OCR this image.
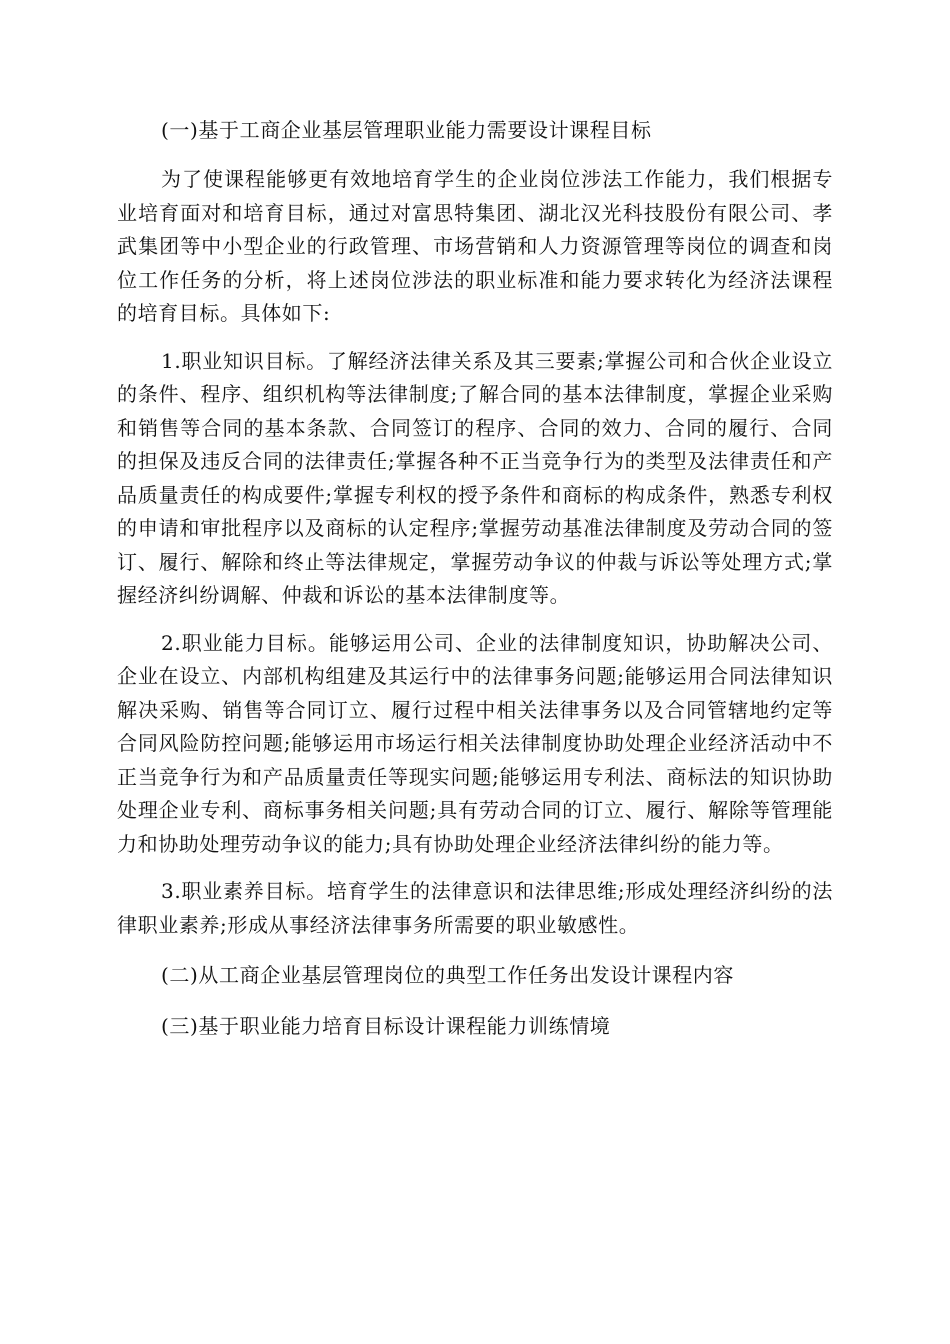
(一)基于工商企业基层管理职业能力需要设计课程目标

为了使课程能够更有效地培育学生的企业岗位涉法工作能力，我们根据专业培育面对和培育目标，通过对富思特集团、湖北汉光科技股份有限公司、孝武集团等中小型企业的行政管理、市场营销和人力资源管理等岗位的调查和岗位工作任务的分析，将上述岗位涉法的职业标准和能力要求转化为经济法课程的培育目标。具体如下:

1.职业知识目标。了解经济法律关系及其三要素;掌握公司和合伙企业设立的条件、程序、组织机构等法律制度;了解合同的基本法律制度，掌握企业采购和销售等合同的基本条款、合同签订的程序、合同的效力、合同的履行、合同的担保及违反合同的法律责任;掌握各种不正当竞争行为的类型及法律责任和产品质量责任的构成要件;掌握专利权的授予条件和商标的构成条件，熟悉专利权的申请和审批程序以及商标的认定程序;掌握劳动基准法律制度及劳动合同的签订、履行、解除和终止等法律规定，掌握劳动争议的仲裁与诉讼等处理方式;掌握经济纠纷调解、仲裁和诉讼的基本法律制度等。

2.职业能力目标。能够运用公司、企业的法律制度知识，协助解决公司、企业在设立、内部机构组建及其运行中的法律事务问题;能够运用合同法律知识解决采购、销售等合同订立、履行过程中相关法律事务以及合同管辖地约定等合同风险防控问题;能够运用市场运行相关法律制度协助处理企业经济活动中不正当竞争行为和产品质量责任等现实问题;能够运用专利法、商标法的知识协助处理企业专利、商标事务相关问题;具有劳动合同的订立、履行、解除等管理能力和协助处理劳动争议的能力;具有协助处理企业经济法律纠纷的能力等。

3.职业素养目标。培育学生的法律意识和法律思维;形成处理经济纠纷的法律职业素养;形成从事经济法律事务所需要的职业敏感性。

(二)从工商企业基层管理岗位的典型工作任务出发设计课程内容

(三)基于职业能力培育目标设计课程能力训练情境
